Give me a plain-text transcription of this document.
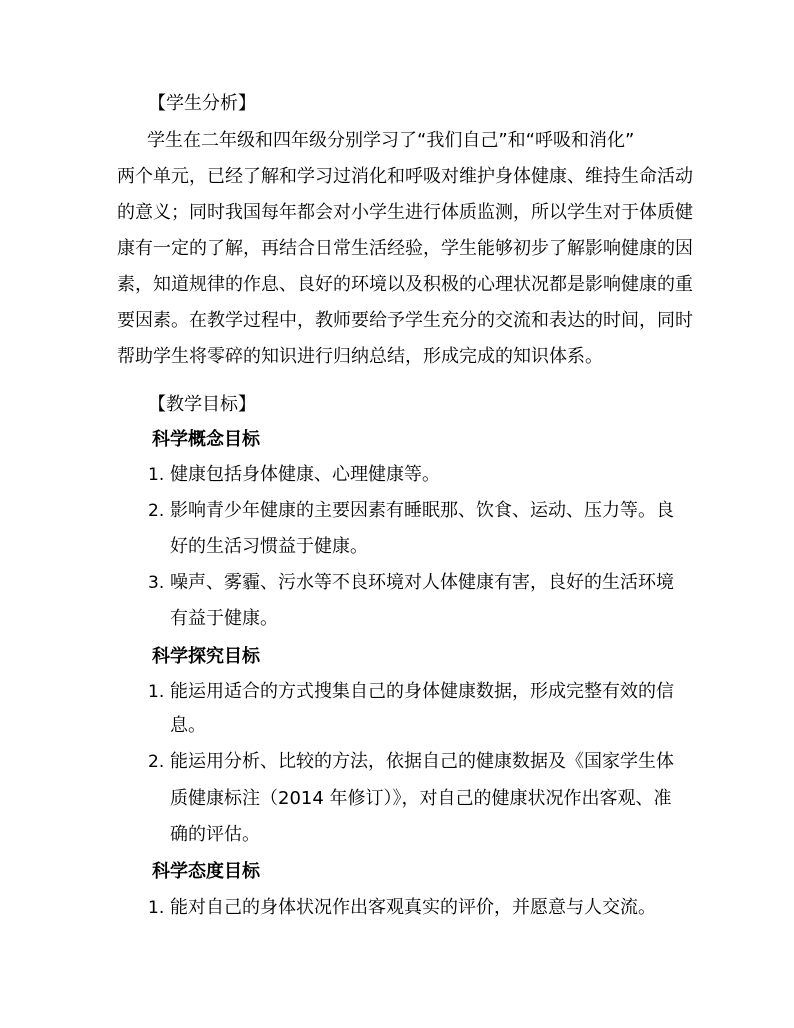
【学生分析】
学生在二年级和四年级分别学习了“我们自己”和“呼吸和消化”
两个单元，已经了解和学习过消化和呼吸对维护身体健康、维持生命活动
的意义；同时我国每年都会对小学生进行体质监测，所以学生对于体质健
康有一定的了解，再结合日常生活经验，学生能够初步了解影响健康的因
素，知道规律的作息、良好的环境以及积极的心理状况都是影响健康的重
要因素。在教学过程中，教师要给予学生充分的交流和表达的时间，同时
帮助学生将零碎的知识进行归纳总结，形成完成的知识体系。
【教学目标】
科学概念目标
1. 健康包括身体健康、心理健康等。
2. 影响青少年健康的主要因素有睡眠那、饮食、运动、压力等。良
好的生活习惯益于健康。
3. 噪声、雾霾、污水等不良环境对人体健康有害，良好的生活环境
有益于健康。
科学探究目标
1. 能运用适合的方式搜集自己的身体健康数据，形成完整有效的信
息。
2. 能运用分析、比较的方法，依据自己的健康数据及《国家学生体
质健康标注（2014 年修订）》，对自己的健康状况作出客观、准
确的评估。
科学态度目标
1. 能对自己的身体状况作出客观真实的评价，并愿意与人交流。
